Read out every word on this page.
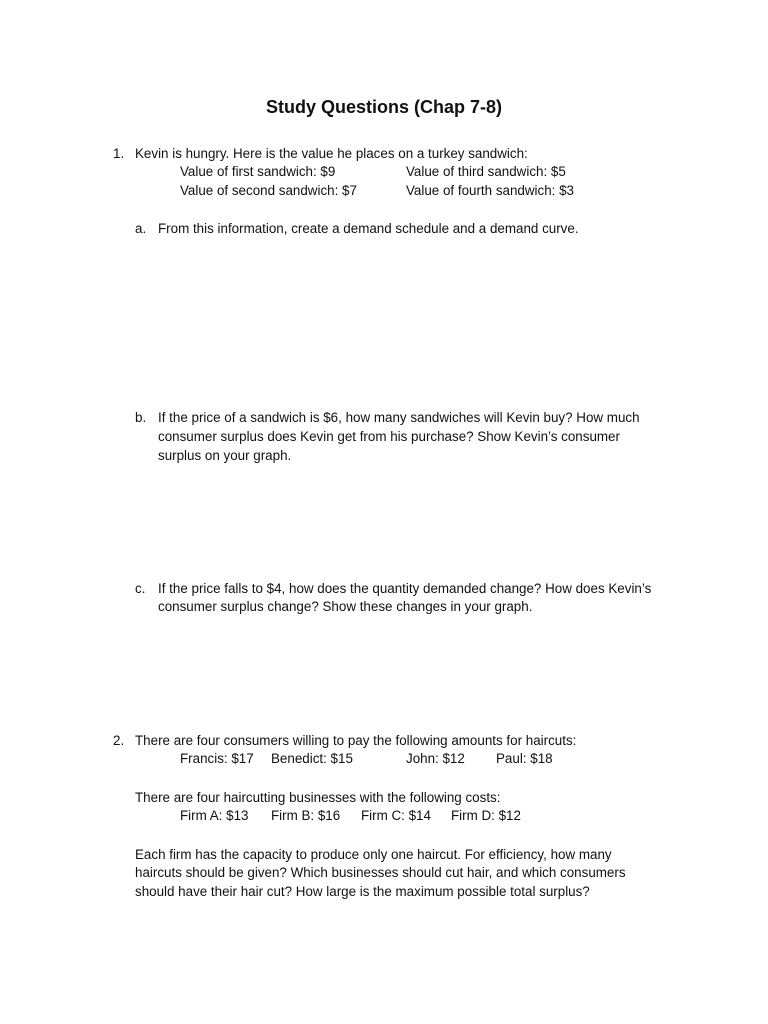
Study Questions (Chap 7-8)
1. Kevin is hungry. Here is the value he places on a turkey sandwich:
Value of first sandwich: $9	Value of third sandwich: $5
Value of second sandwich: $7	Value of fourth sandwich: $3
a. From this information, create a demand schedule and a demand curve.
b. If the price of a sandwich is $6, how many sandwiches will Kevin buy? How much
consumer surplus does Kevin get from his purchase? Show Kevin’s consumer
surplus on your graph.
c. If the price falls to $4, how does the quantity demanded change? How does Kevin’s
consumer surplus change? Show these changes in your graph.
2. There are four consumers willing to pay the following amounts for haircuts:
Francis: $17 Benedict: $15	John: $12 Paul: $18
There are four haircutting businesses with the following costs:
Firm A: $13 Firm B: $16 Firm C: $14 Firm D: $12
Each firm has the capacity to produce only one haircut. For efficiency, how many
haircuts should be given? Which businesses should cut hair, and which consumers
should have their hair cut? How large is the maximum possible total surplus?
